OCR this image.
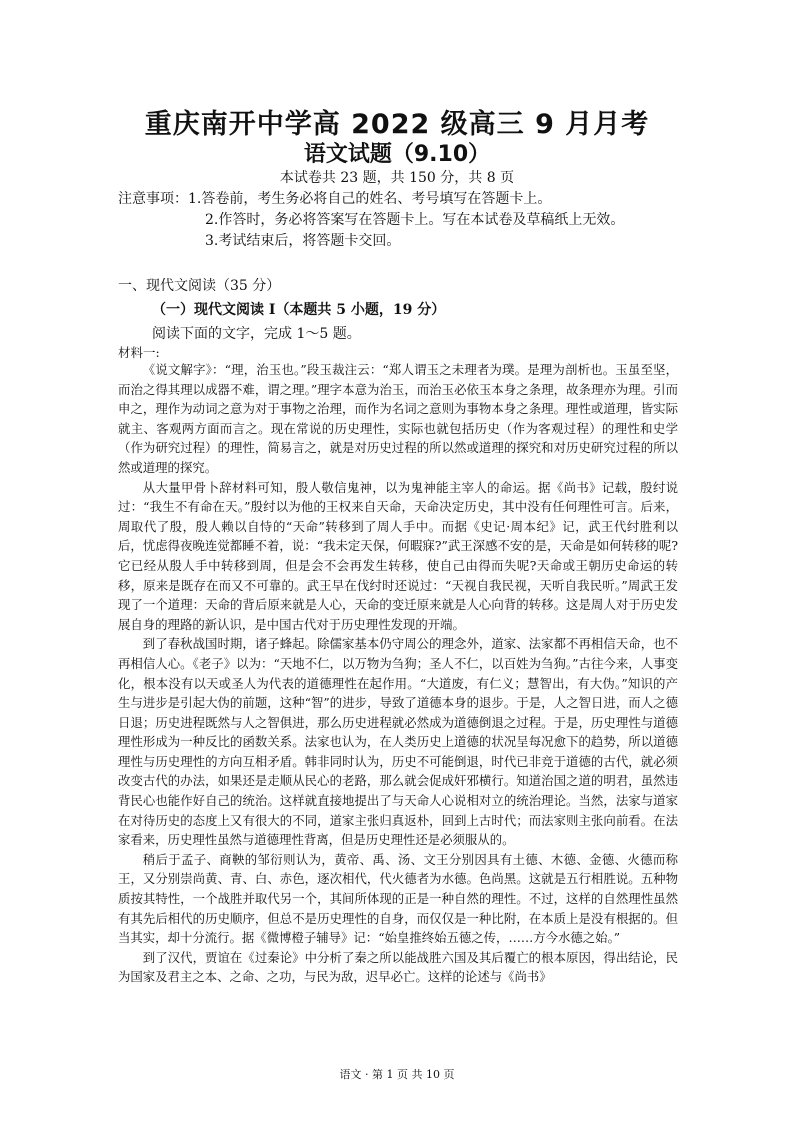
重庆南开中学高 2022 级高三 9 月月考
语文试题（9.10）
本试卷共 23 题，共 150 分，共 8 页
注意事项： 1.答卷前，考生务必将自己的姓名、考号填写在答题卡上。
2.作答时，务必将答案写在答题卡上。写在本试卷及草稿纸上无效。
3.考试结束后，将答题卡交回。
一、现代文阅读（35 分）
（一）现代文阅读 I（本题共 5 小题，19 分）
阅读下面的文字，完成 1～5 题。
材料一:

《说文解字》：“理，治玉也。”段玉裁注云：“郑人谓玉之未理者为璞。是理为剖析也。玉虽至坚，而治之得其理以成器不难，谓之理。”理字本意为治玉，而治玉必依玉本身之条理，故条理亦为理。引而申之，理作为动词之意为对于事物之治理，而作为名词之意则为事物本身之条理。理性或道理，皆实际就主、客观两方面而言之。现在常说的历史理性，实际也就包括历史（作为客观过程）的理性和史学（作为研究过程）的理性，简易言之，就是对历史过程的所以然或道理的探究和对历史研究过程的所以然或道理的探究。

从大量甲骨卜辞材料可知，殷人敬信鬼神，以为鬼神能主宰人的命运。据《尚书》记载，殷纣说过：“我生不有命在天。”殷纣以为他的王权来自天命，天命决定历史，其中没有任何理性可言。后来，周取代了殷，殷人赖以自恃的“天命”转移到了周人手中。而据《史记·周本纪》记，武王代纣胜利以后，忧虑得夜晚连觉都睡不着，说：“我未定天保，何暇寐?”武王深感不安的是，天命是如何转移的呢?它已经从殷人手中转移到周，但是会不会再发生转移，使自己由得而失呢?天命或王朝历史命运的转移，原来是既存在而又不可靠的。武王早在伐纣时还说过：“天视自我民视，天听自我民听。”周武王发现了一个道理：天命的背后原来就是人心，天命的变迁原来就是人心向背的转移。这是周人对于历史发展自身的理路的新认识，是中国古代对于历史理性发现的开端。

到了春秋战国时期，诸子蜂起。除儒家基本仍守周公的理念外，道家、法家都不再相信天命，也不再相信人心。《老子》以为：“天地不仁，以万物为刍狗；圣人不仁，以百姓为刍狗。”古往今来，人事变化，根本没有以天或圣人为代表的道德理性在起作用。“大道废，有仁义；慧智出，有大伪。”知识的产生与进步是引起大伪的前题，这种“智”的进步，导致了道德本身的退步。于是，人之智日进，而人之德日退；历史进程既然与人之智俱进，那么历史进程就必然成为道德倒退之过程。于是，历史理性与道德理性形成为一种反比的函数关系。法家也认为，在人类历史上道德的状况呈每况愈下的趋势，所以道德理性与历史理性的方向互相矛盾。韩非同时认为，历史不可能倒退，时代已非竞于道德的古代，就必须改变古代的办法，如果还是走顺从民心的老路，那么就会促成奸邪横行。知道治国之道的明君，虽然违背民心也能作好自己的统治。这样就直接地提出了与天命人心说相对立的统治理论。当然，法家与道家在对待历史的态度上又有很大的不同，道家主张归真返朴，回到上古时代；而法家则主张向前看。在法家看来，历史理性虽然与道德理性背离，但是历史理性还是必须服从的。

稍后于孟子、商鞅的邹衍则认为，黄帝、禹、汤、文王分别因具有土德、木德、金德、火德而称王，又分别崇尚黄、青、白、赤色，逐次相代，代火德者为水德。色尚黑。这就是五行相胜说。五种物质按其特性，一个战胜并取代另一个，其间所体现的正是一种自然的理性。不过，这样的自然理性虽然有其先后相代的历史顺序，但总不是历史理性的自身，而仅仅是一种比附，在本质上是没有根据的。但当其实，却十分流行。据《微博橙子辅导》记：“始皇推终始五德之传，……方今水德之始。”

到了汉代，贾谊在《过秦论》中分析了秦之所以能战胜六国及其后覆亡的根本原因，得出结论，民为国家及君主之本、之命、之功，与民为敌，迟早必亡。这样的论述与《尚书》

语文 · 第 1 页 共 10 页
